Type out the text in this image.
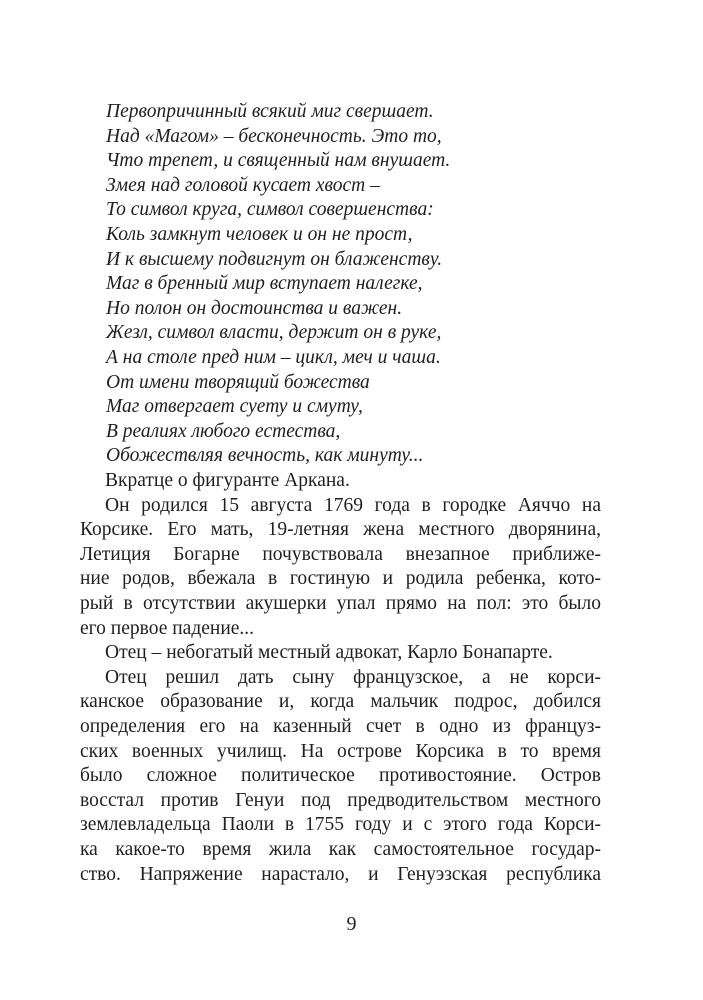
Первопричинный всякий миг свершает.
Над «Магом» – бесконечность. Это то,
Что трепет, и священный нам внушает.
Змея над головой кусает хвост –
То символ круга, символ совершенства:
Коль замкнут человек и он не прост,
И к высшему подвигнут он блаженству.
Маг в бренный мир вступает налегке,
Но полон он достоинства и важен.
Жезл, символ власти, держит он в руке,
А на столе пред ним – цикл, меч и чаша.
От имени творящий божества
Маг отвергает суету и смуту,
В реалиях любого естества,
Обожествляя вечность, как минуту...
Вкратце о фигуранте Аркана.
Он родился 15 августа 1769 года в городке Аяччо на
Корсике. Его мать, 19-летняя жена местного дворянина,
Летиция Богарне почувствовала внезапное приближе-
ние родов, вбежала в гостиную и родила ребенка, кото-
рый в отсутствии акушерки упал прямо на пол: это было
его первое падение...
Отец – небогатый местный адвокат, Карло Бонапарте.
Отец решил дать сыну французское, а не корси-
канское образование и, когда мальчик подрос, добился
определения его на казенный счет в одно из француз-
ских военных училищ. На острове Корсика в то время
было сложное политическое противостояние. Остров
восстал против Генуи под предводительством местного
землевладельца Паоли в 1755 году и с этого года Корси-
ка какое-то время жила как самостоятельное государ-
ство. Напряжение нарастало, и Генуэзская республика
9
